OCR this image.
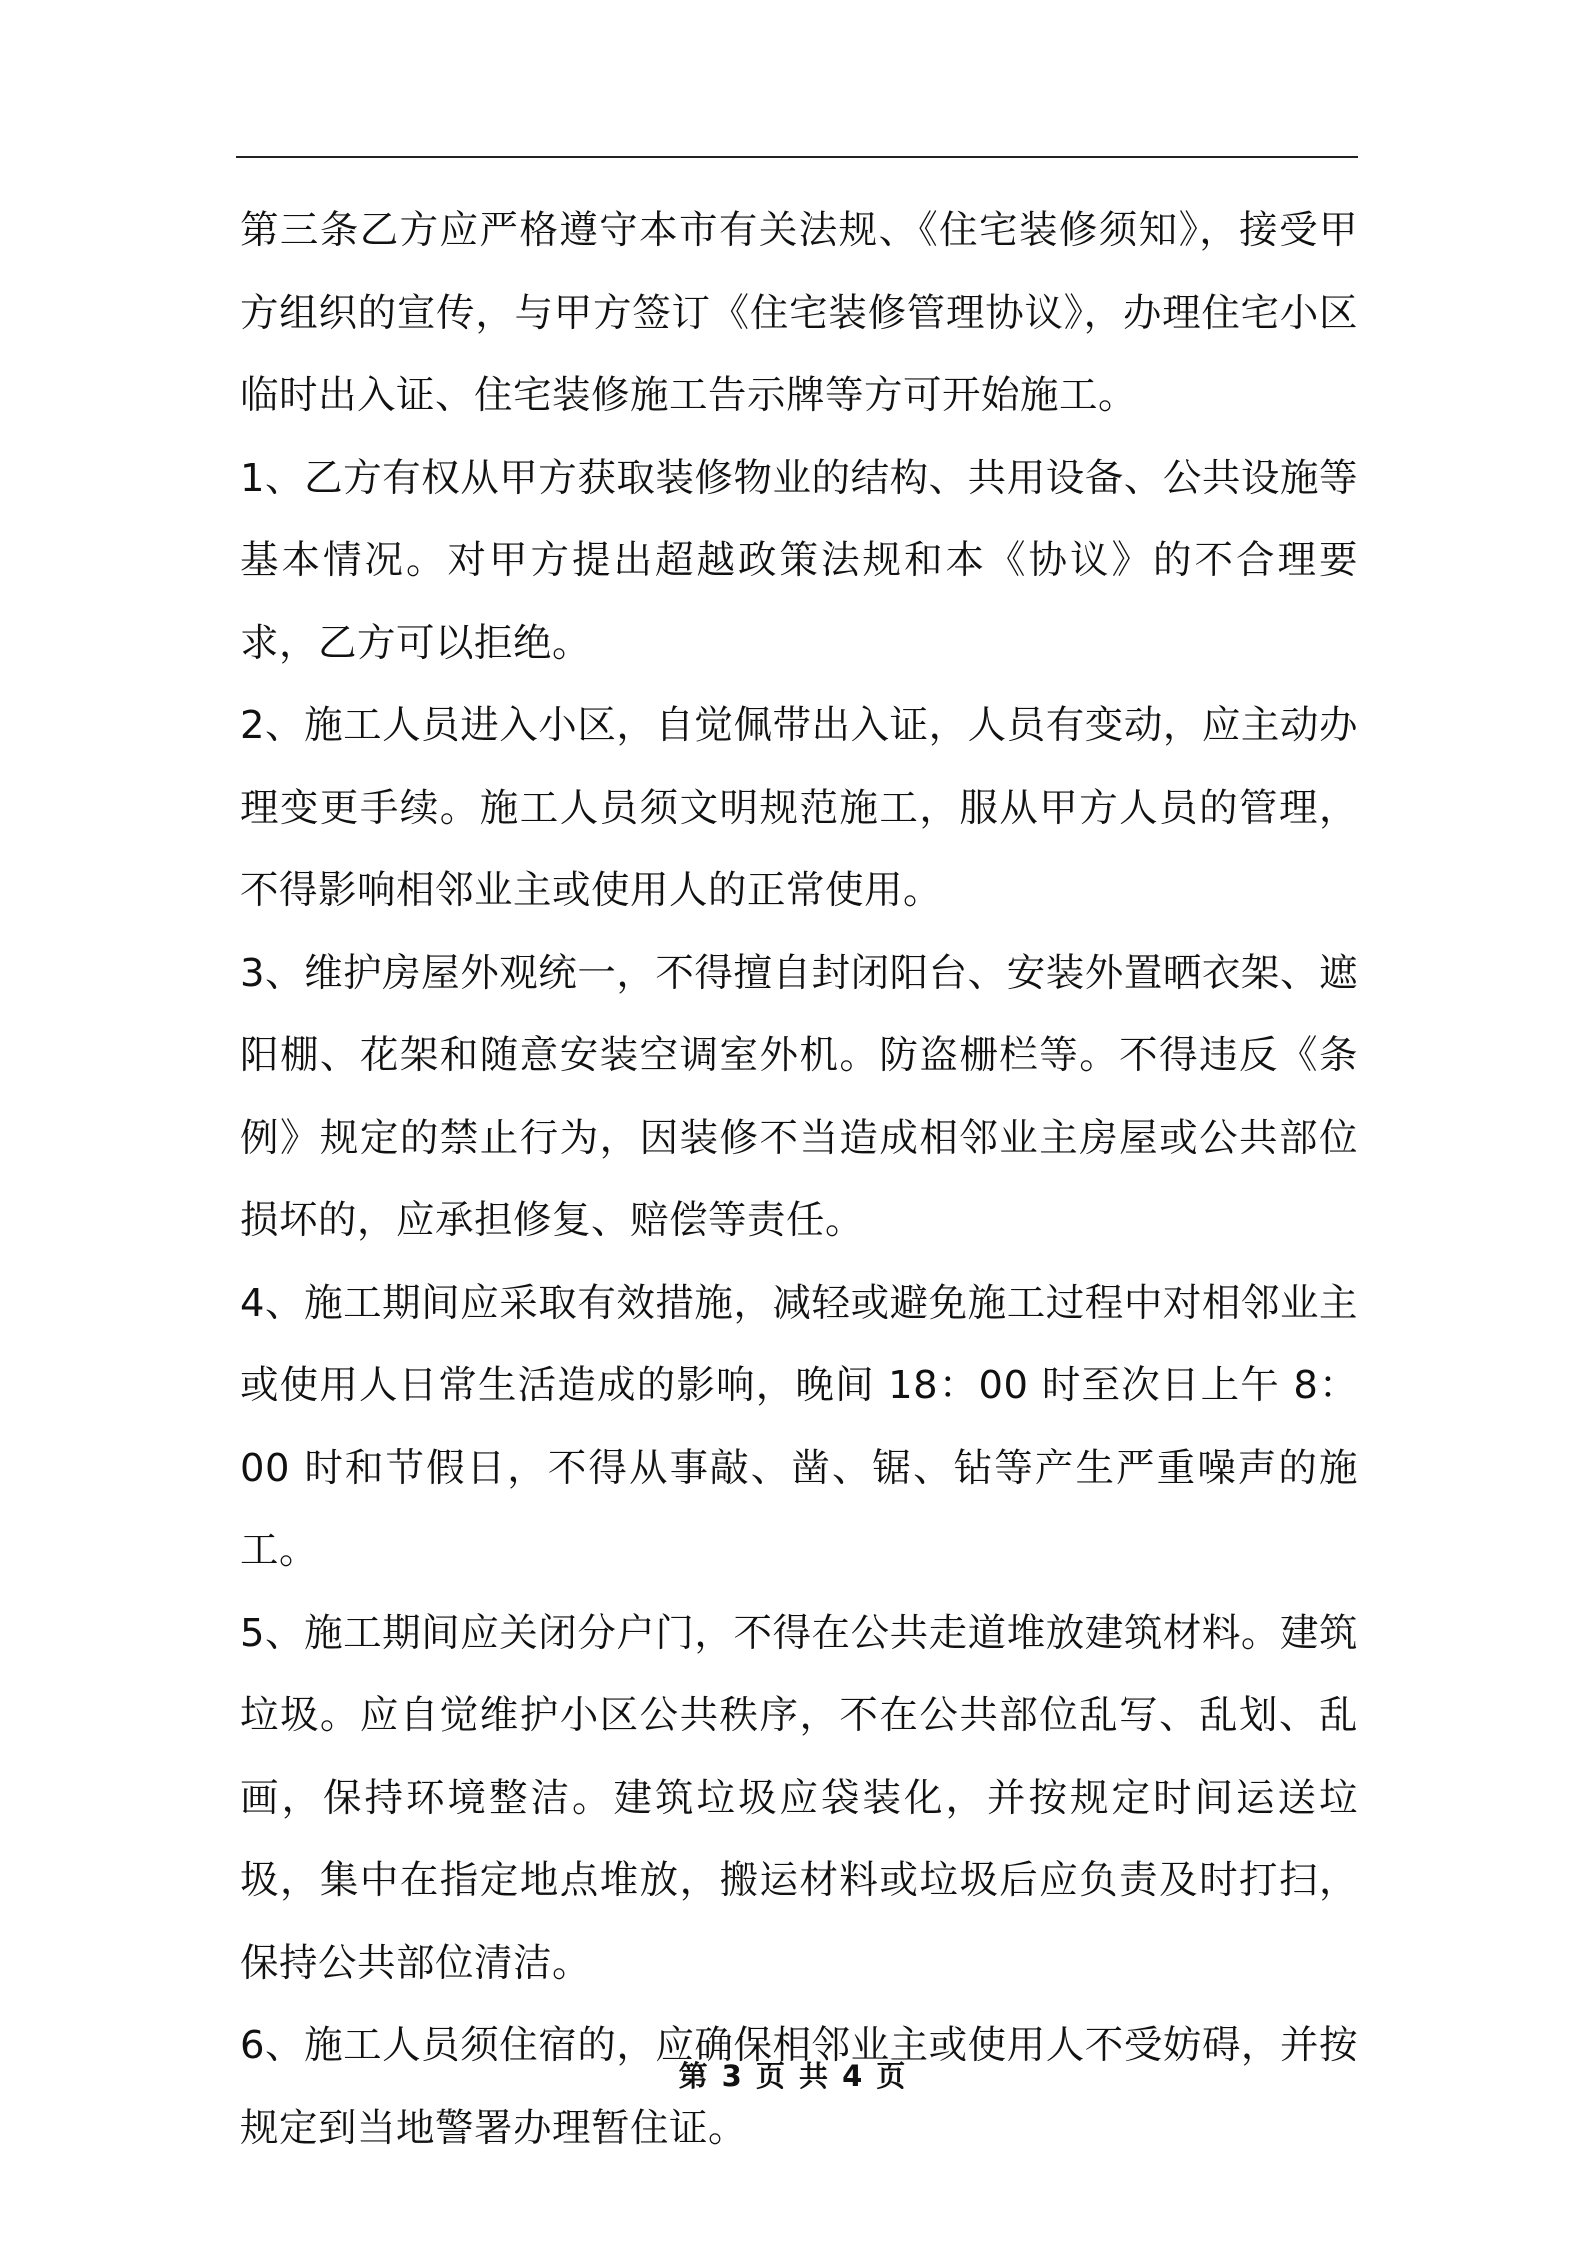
第三条乙方应严格遵守本市有关法规、《住宅装修须知》，接受甲方组织的宣传，与甲方签订《住宅装修管理协议》，办理住宅小区临时出入证、住宅装修施工告示牌等方可开始施工。

1、乙方有权从甲方获取装修物业的结构、共用设备、公共设施等基本情况。对甲方提出超越政策法规和本《协议》的不合理要求，乙方可以拒绝。

2、施工人员进入小区，自觉佩带出入证，人员有变动，应主动办理变更手续。施工人员须文明规范施工，服从甲方人员的管理，不得影响相邻业主或使用人的正常使用。

3、维护房屋外观统一，不得擅自封闭阳台、安装外置晒衣架、遮阳棚、花架和随意安装空调室外机。防盗栅栏等。不得违反《条例》规定的禁止行为，因装修不当造成相邻业主房屋或公共部位损坏的，应承担修复、赔偿等责任。

4、施工期间应采取有效措施，减轻或避免施工过程中对相邻业主或使用人日常生活造成的影响，晚间 18：00 时至次日上午 8：00 时和节假日，不得从事敲、凿、锯、钻等产生严重噪声的施工。

5、施工期间应关闭分户门，不得在公共走道堆放建筑材料。建筑垃圾。应自觉维护小区公共秩序，不在公共部位乱写、乱划、乱画，保持环境整洁。建筑垃圾应袋装化，并按规定时间运送垃圾，集中在指定地点堆放，搬运材料或垃圾后应负责及时打扫，保持公共部位清洁。

6、施工人员须住宿的，应确保相邻业主或使用人不受妨碍，并按规定到当地警署办理暂住证。

第 3 页 共 4 页
